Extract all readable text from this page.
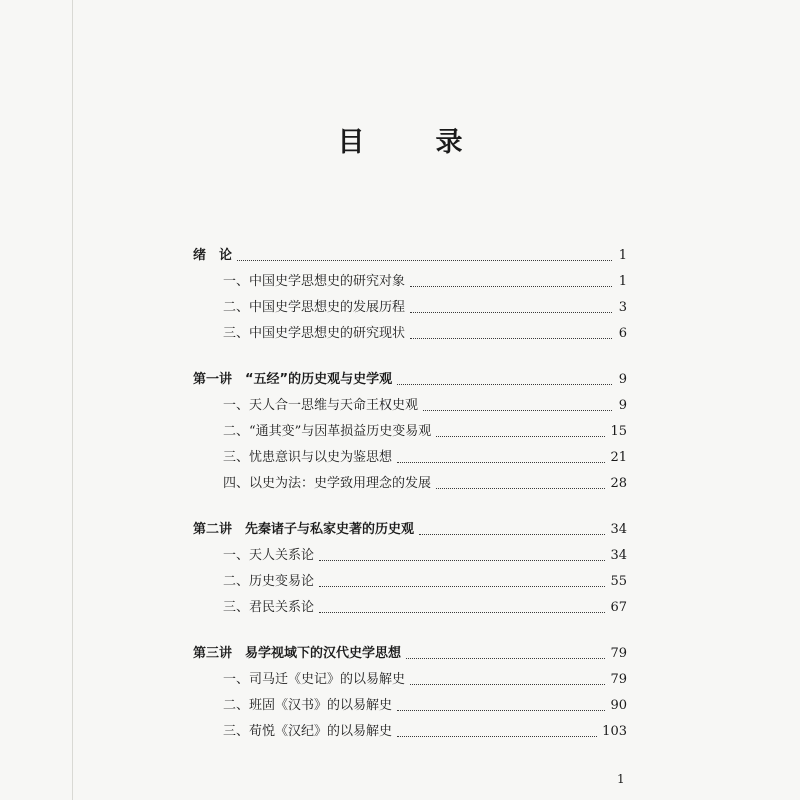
目　录
绪　论	1
一、中国史学思想史的研究对象	1
二、中国史学思想史的发展历程	3
三、中国史学思想史的研究现状	6
第一讲　“五经”的历史观与史学观	9
一、天人合一思维与天命王权史观	9
二、“通其变”与因革损益历史变易观	15
三、忧患意识与以史为鉴思想	21
四、以史为法：史学致用理念的发展	28
第二讲　先秦诸子与私家史著的历史观	34
一、天人关系论	34
二、历史变易论	55
三、君民关系论	67
第三讲　易学视域下的汉代史学思想	79
一、司马迁《史记》的以易解史	79
二、班固《汉书》的以易解史	90
三、荀悦《汉纪》的以易解史	103
1
